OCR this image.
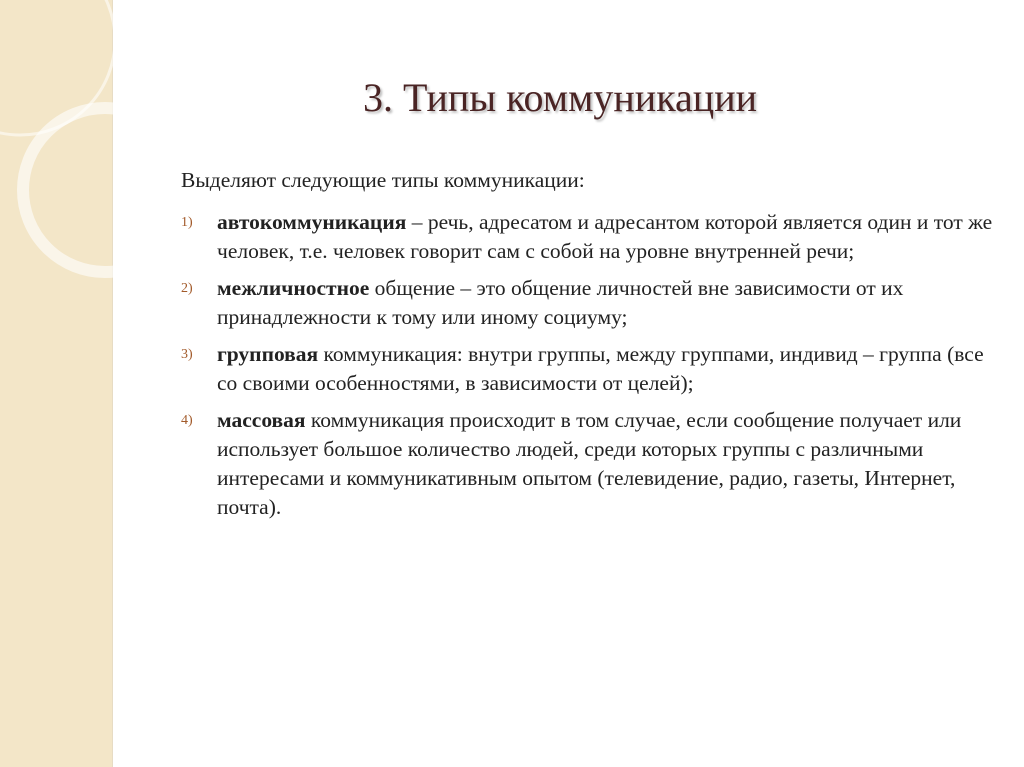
3. Типы коммуникации

Выделяют следующие типы коммуникации:

1) автокоммуникация – речь, адресатом и адресантом которой является один и тот же человек, т.е. человек говорит сам с собой на уровне внутренней речи;
2) межличностное общение – это общение личностей вне зависимости от их принадлежности к тому или иному социуму;
3) групповая коммуникация: внутри группы, между группами, индивид – группа (все со своими особенностями, в зависимости от целей);
4) массовая коммуникация происходит в том случае, если сообщение получает или использует большое количество людей, среди которых группы с различными интересами и коммуникативным опытом (телевидение, радио, газеты, Интернет, почта).
